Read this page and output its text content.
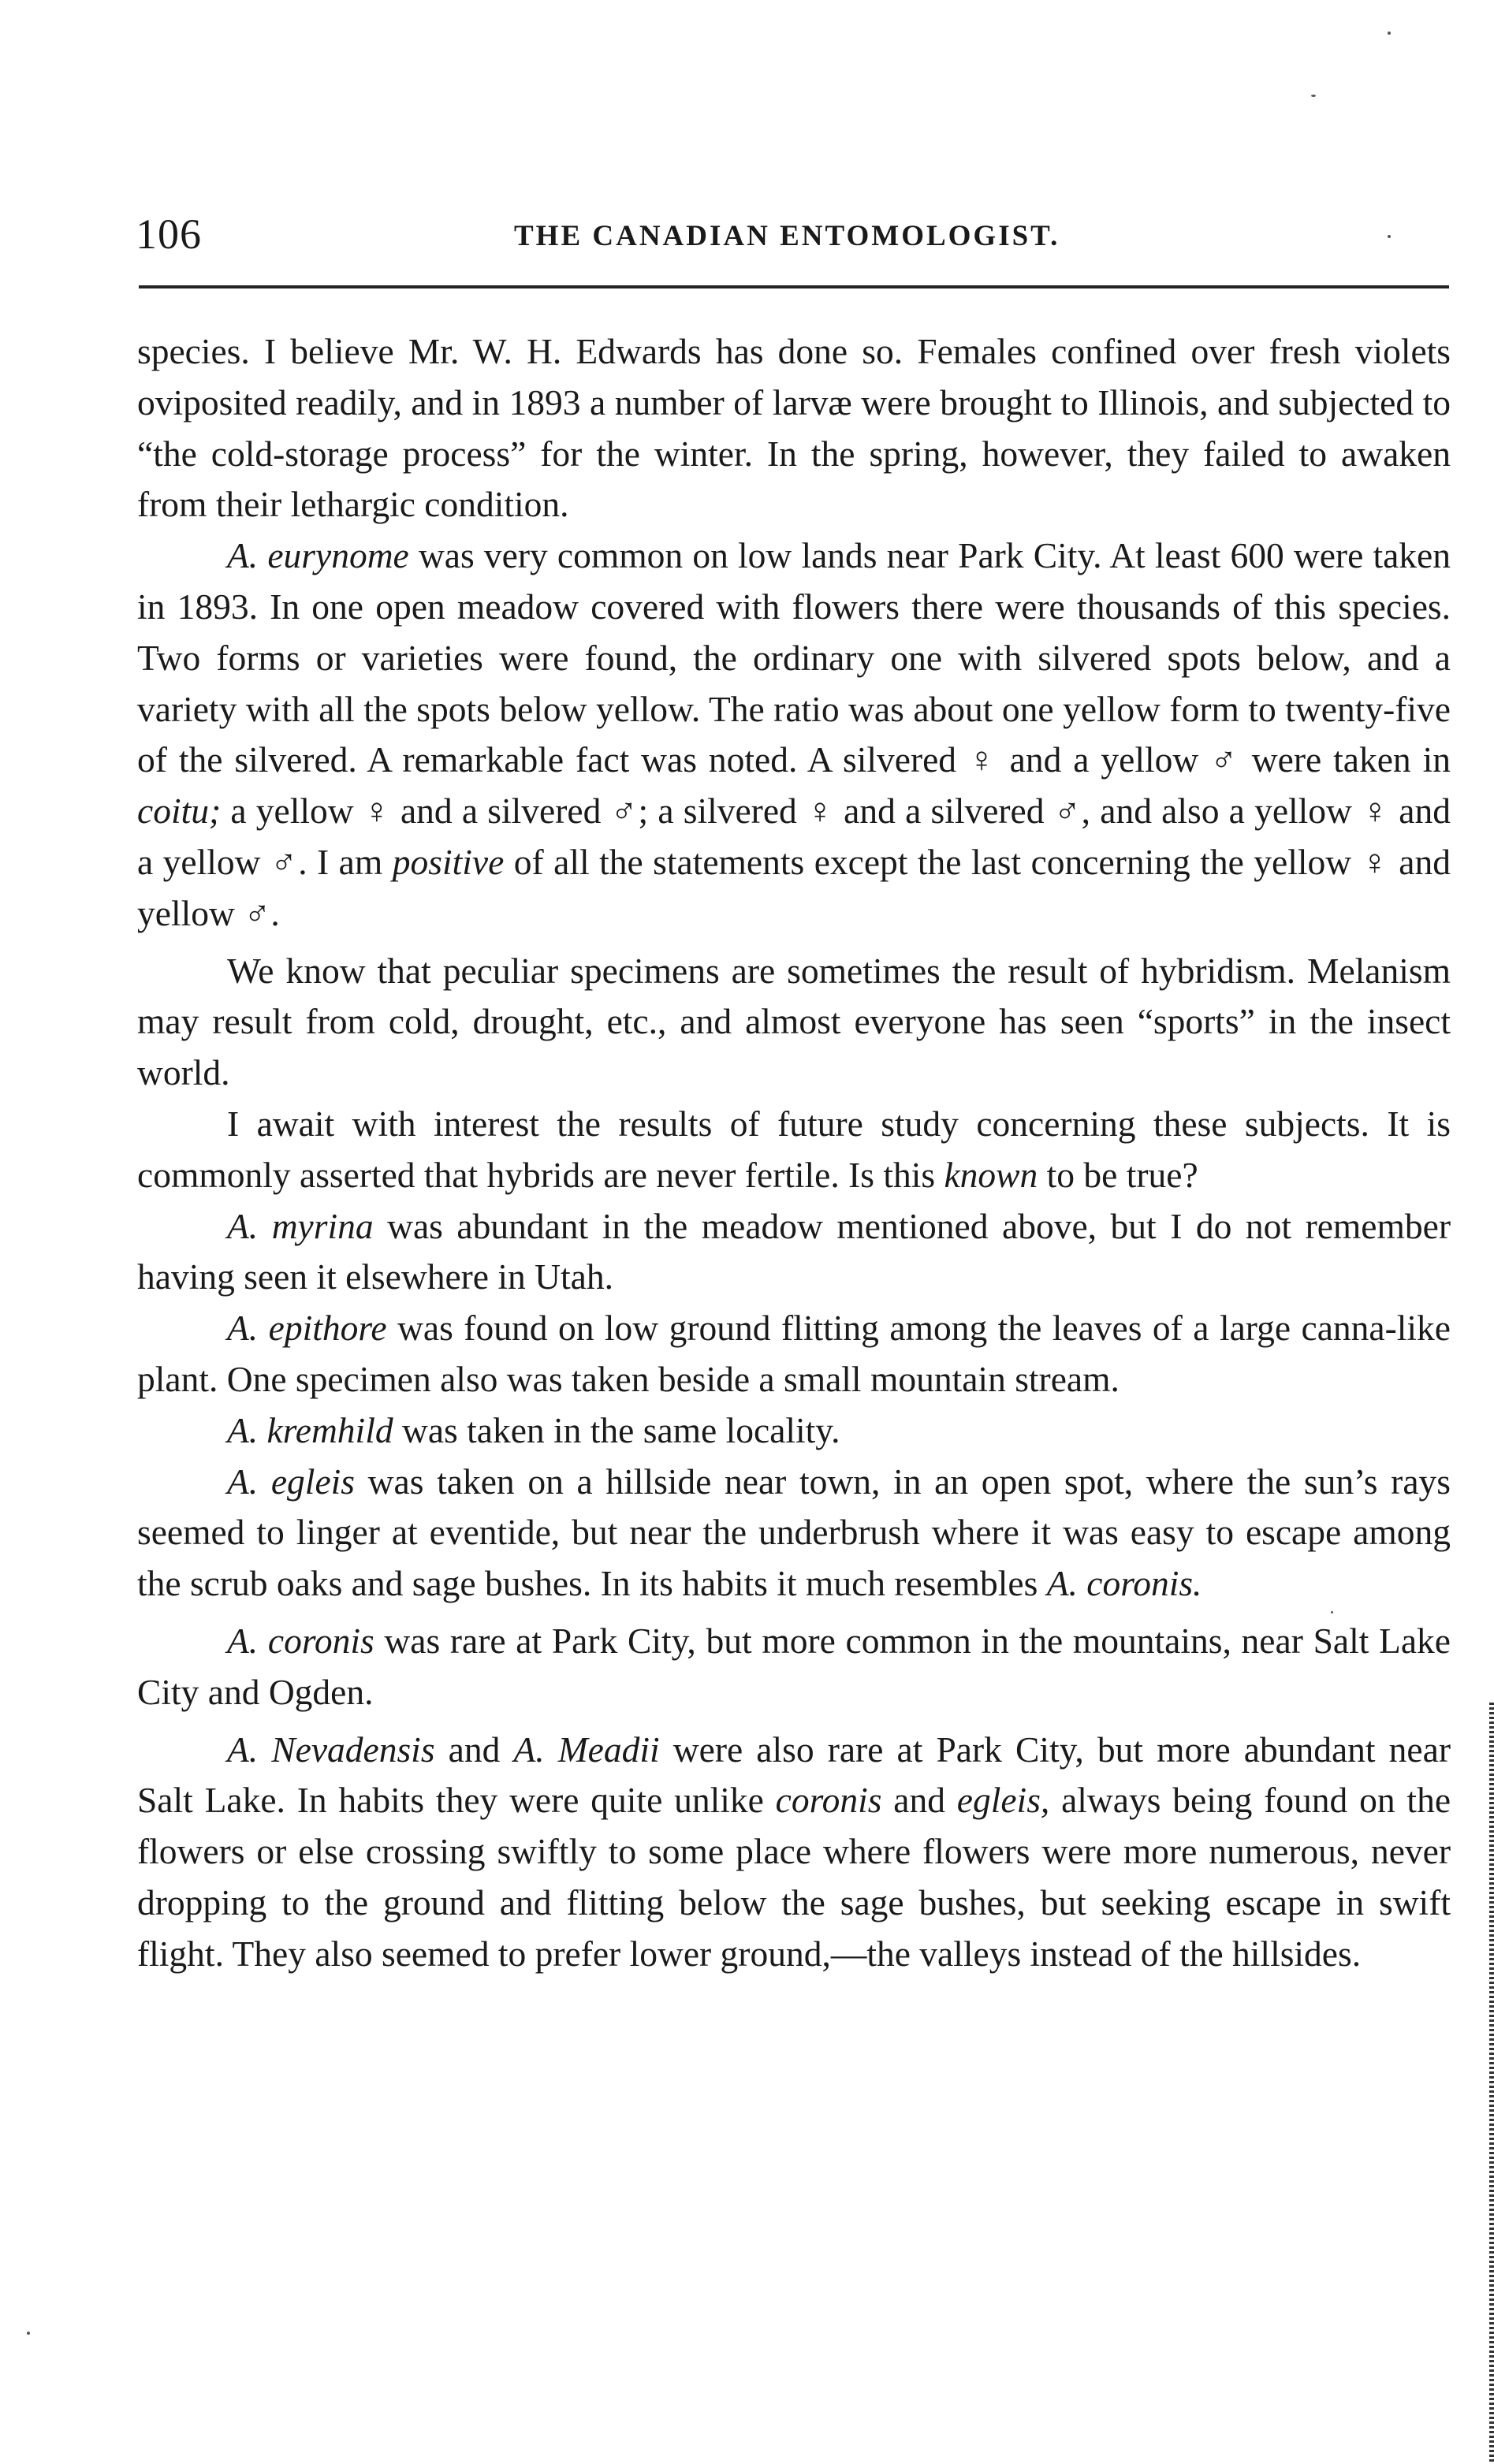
106	THE CANADIAN ENTOMOLOGIST.

species. I believe Mr. W. H. Edwards has done so. Females confined over fresh violets oviposited readily, and in 1893 a number of larvæ were brought to Illinois, and subjected to “the cold-storage process” for the winter. In the spring, however, they failed to awaken from their lethargic condition.

A. eurynome was very common on low lands near Park City. At least 600 were taken in 1893. In one open meadow covered with flowers there were thousands of this species. Two forms or varieties were found, the ordinary one with silvered spots below, and a variety with all the spots below yellow. The ratio was about one yellow form to twenty-five of the silvered. A remarkable fact was noted. A silvered ♀ and a yellow ♂ were taken in coitu; a yellow ♀ and a silvered ♂; a silvered ♀ and a silvered ♂, and also a yellow ♀ and a yellow ♂. I am positive of all the statements except the last concerning the yellow ♀ and yellow ♂.

We know that peculiar specimens are sometimes the result of hybridism. Melanism may result from cold, drought, etc., and almost everyone has seen “sports” in the insect world.

I await with interest the results of future study concerning these subjects. It is commonly asserted that hybrids are never fertile. Is this known to be true?

A. myrina was abundant in the meadow mentioned above, but I do not remember having seen it elsewhere in Utah.

A. epithore was found on low ground flitting among the leaves of a large canna-like plant. One specimen also was taken beside a small mountain stream.

A. kremhild was taken in the same locality.

A. egleis was taken on a hillside near town, in an open spot, where the sun’s rays seemed to linger at eventide, but near the underbrush where it was easy to escape among the scrub oaks and sage bushes. In its habits it much resembles A. coronis.

A. coronis was rare at Park City, but more common in the mountains, near Salt Lake City and Ogden.

A. Nevadensis and A. Meadii were also rare at Park City, but more abundant near Salt Lake. In habits they were quite unlike coronis and egleis, always being found on the flowers or else crossing swiftly to some place where flowers were more numerous, never dropping to the ground and flitting below the sage bushes, but seeking escape in swift flight. They also seemed to prefer lower ground,—the valleys instead of the hillsides.
